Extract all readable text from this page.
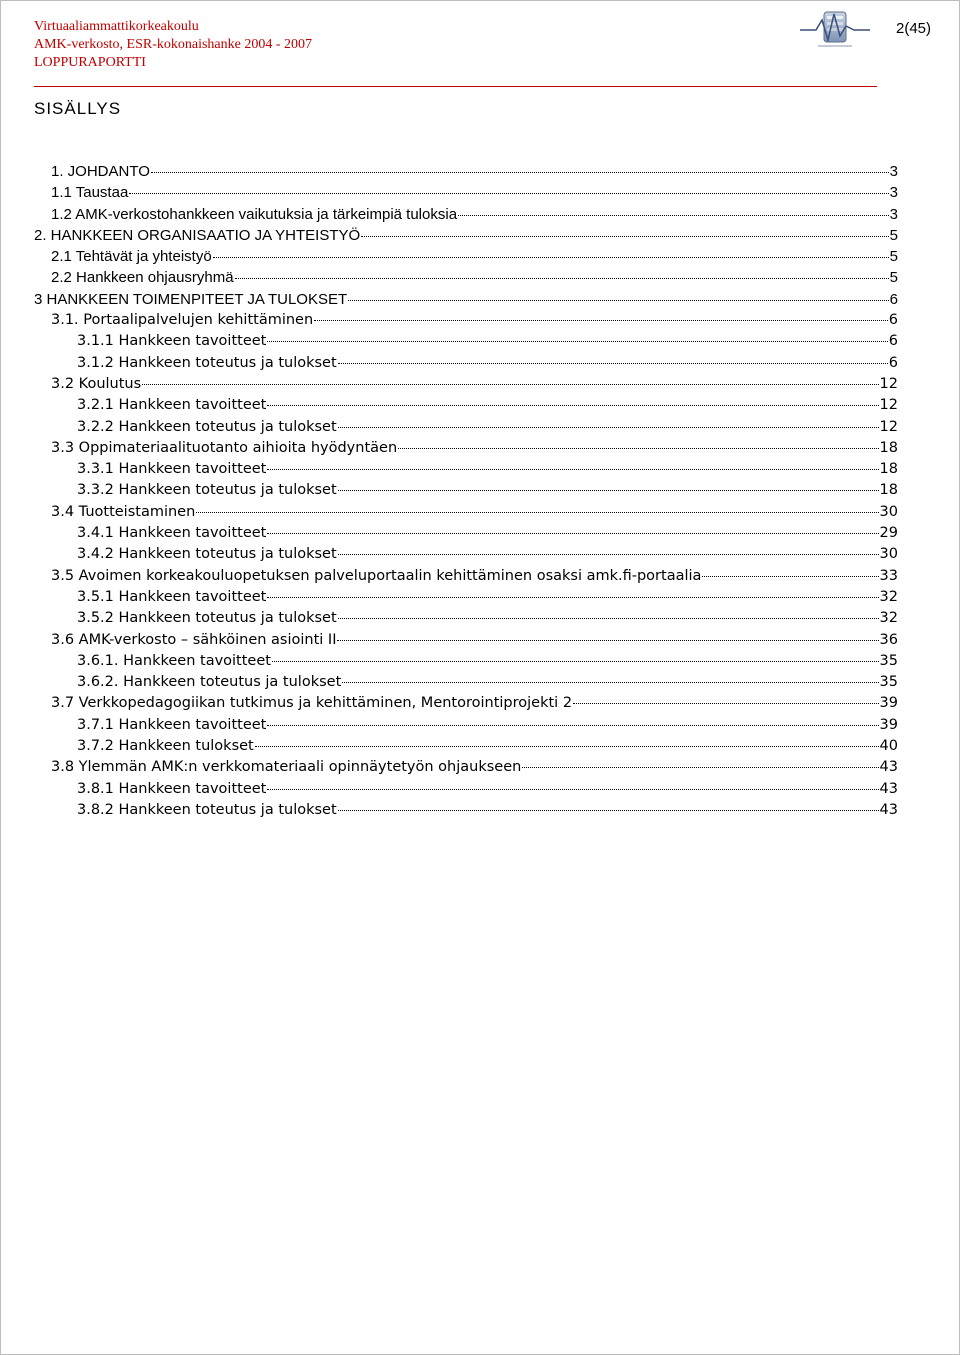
Virtuaaliammattikorkeakoulu
AMK-verkosto, ESR-kokonaishanke 2004 - 2007
LOPPURAPORTTI
2(45)
SISÄLLYS
1. JOHDANTO	3
1.1 Taustaa	3
1.2 AMK-verkostohankkeen vaikutuksia ja tärkeimpiä tuloksia	3
2. HANKKEEN ORGANISAATIO JA YHTEISTYÖ	5
2.1 Tehtävät ja yhteistyö	5
2.2 Hankkeen ohjausryhmä	5
3 HANKKEEN TOIMENPITEET JA TULOKSET	6
3.1. Portaalipalvelujen kehittäminen	6
3.1.1 Hankkeen tavoitteet	6
3.1.2 Hankkeen toteutus ja tulokset	6
3.2 Koulutus	12
3.2.1 Hankkeen tavoitteet	12
3.2.2 Hankkeen toteutus ja tulokset	12
3.3 Oppimateriaalituotanto aihioita hyödyntäen	18
3.3.1 Hankkeen tavoitteet	18
3.3.2 Hankkeen toteutus ja tulokset	18
3.4 Tuotteistaminen	30
3.4.1 Hankkeen tavoitteet	29
3.4.2 Hankkeen toteutus ja tulokset	30
3.5 Avoimen korkeakouluopetuksen palveluportaalin kehittäminen osaksi amk.fi-portaalia	33
3.5.1 Hankkeen tavoitteet	32
3.5.2 Hankkeen toteutus ja tulokset	32
3.6 AMK-verkosto – sähköinen asiointi II	36
3.6.1. Hankkeen tavoitteet	35
3.6.2. Hankkeen toteutus ja tulokset	35
3.7 Verkkopedagogiikan tutkimus ja kehittäminen, Mentorointiprojekti 2	39
3.7.1 Hankkeen tavoitteet	39
3.7.2 Hankkeen tulokset	40
3.8 Ylemmän AMK:n verkkomateriaali opinnäytetyön ohjaukseen	43
3.8.1 Hankkeen tavoitteet	43
3.8.2 Hankkeen toteutus ja tulokset	43
